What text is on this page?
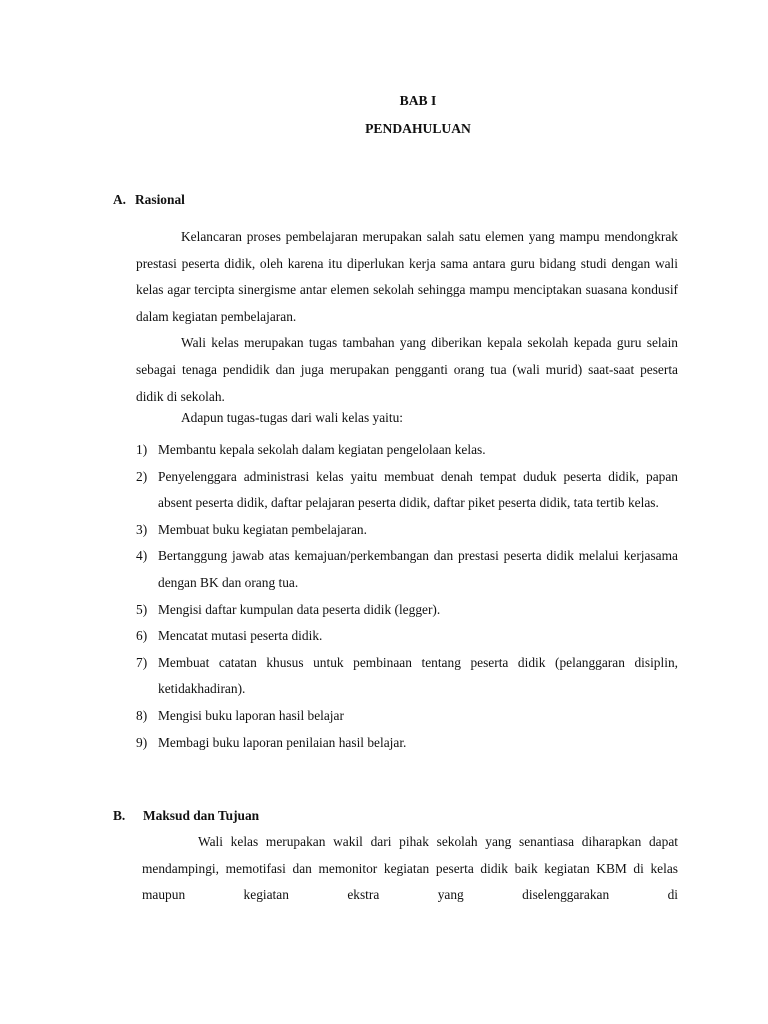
BAB I
PENDAHULUAN
A. Rasional

Kelancaran proses pembelajaran merupakan salah satu elemen yang mampu mendongkrak prestasi peserta didik, oleh karena itu diperlukan kerja sama antara guru bidang studi dengan wali kelas agar tercipta sinergisme antar elemen sekolah sehingga mampu menciptakan suasana kondusif dalam kegiatan pembelajaran.

Wali kelas merupakan tugas tambahan yang diberikan kepala sekolah kepada guru selain sebagai tenaga pendidik dan juga merupakan pengganti orang tua (wali murid) saat-saat peserta didik di sekolah.

Adapun tugas-tugas dari wali kelas yaitu:
1) Membantu kepala sekolah dalam kegiatan pengelolaan kelas.
2) Penyelenggara administrasi kelas yaitu membuat denah tempat duduk peserta didik, papan absent peserta didik, daftar pelajaran peserta didik, daftar piket peserta didik, tata tertib kelas.
3) Membuat buku kegiatan pembelajaran.
4) Bertanggung jawab atas kemajuan/perkembangan dan prestasi peserta didik melalui kerjasama dengan BK dan orang tua.
5) Mengisi daftar kumpulan data peserta didik (legger).
6) Mencatat mutasi peserta didik.
7) Membuat catatan khusus untuk pembinaan tentang peserta didik (pelanggaran disiplin, ketidakhadiran).
8) Mengisi buku laporan hasil belajar
9) Membagi buku laporan penilaian hasil belajar.
B. Maksud dan Tujuan

Wali kelas merupakan wakil dari pihak sekolah yang senantiasa diharapkan dapat mendampingi, memotifasi dan memonitor kegiatan peserta didik baik kegiatan KBM di kelas maupun kegiatan ekstra yang diselenggarakan di
